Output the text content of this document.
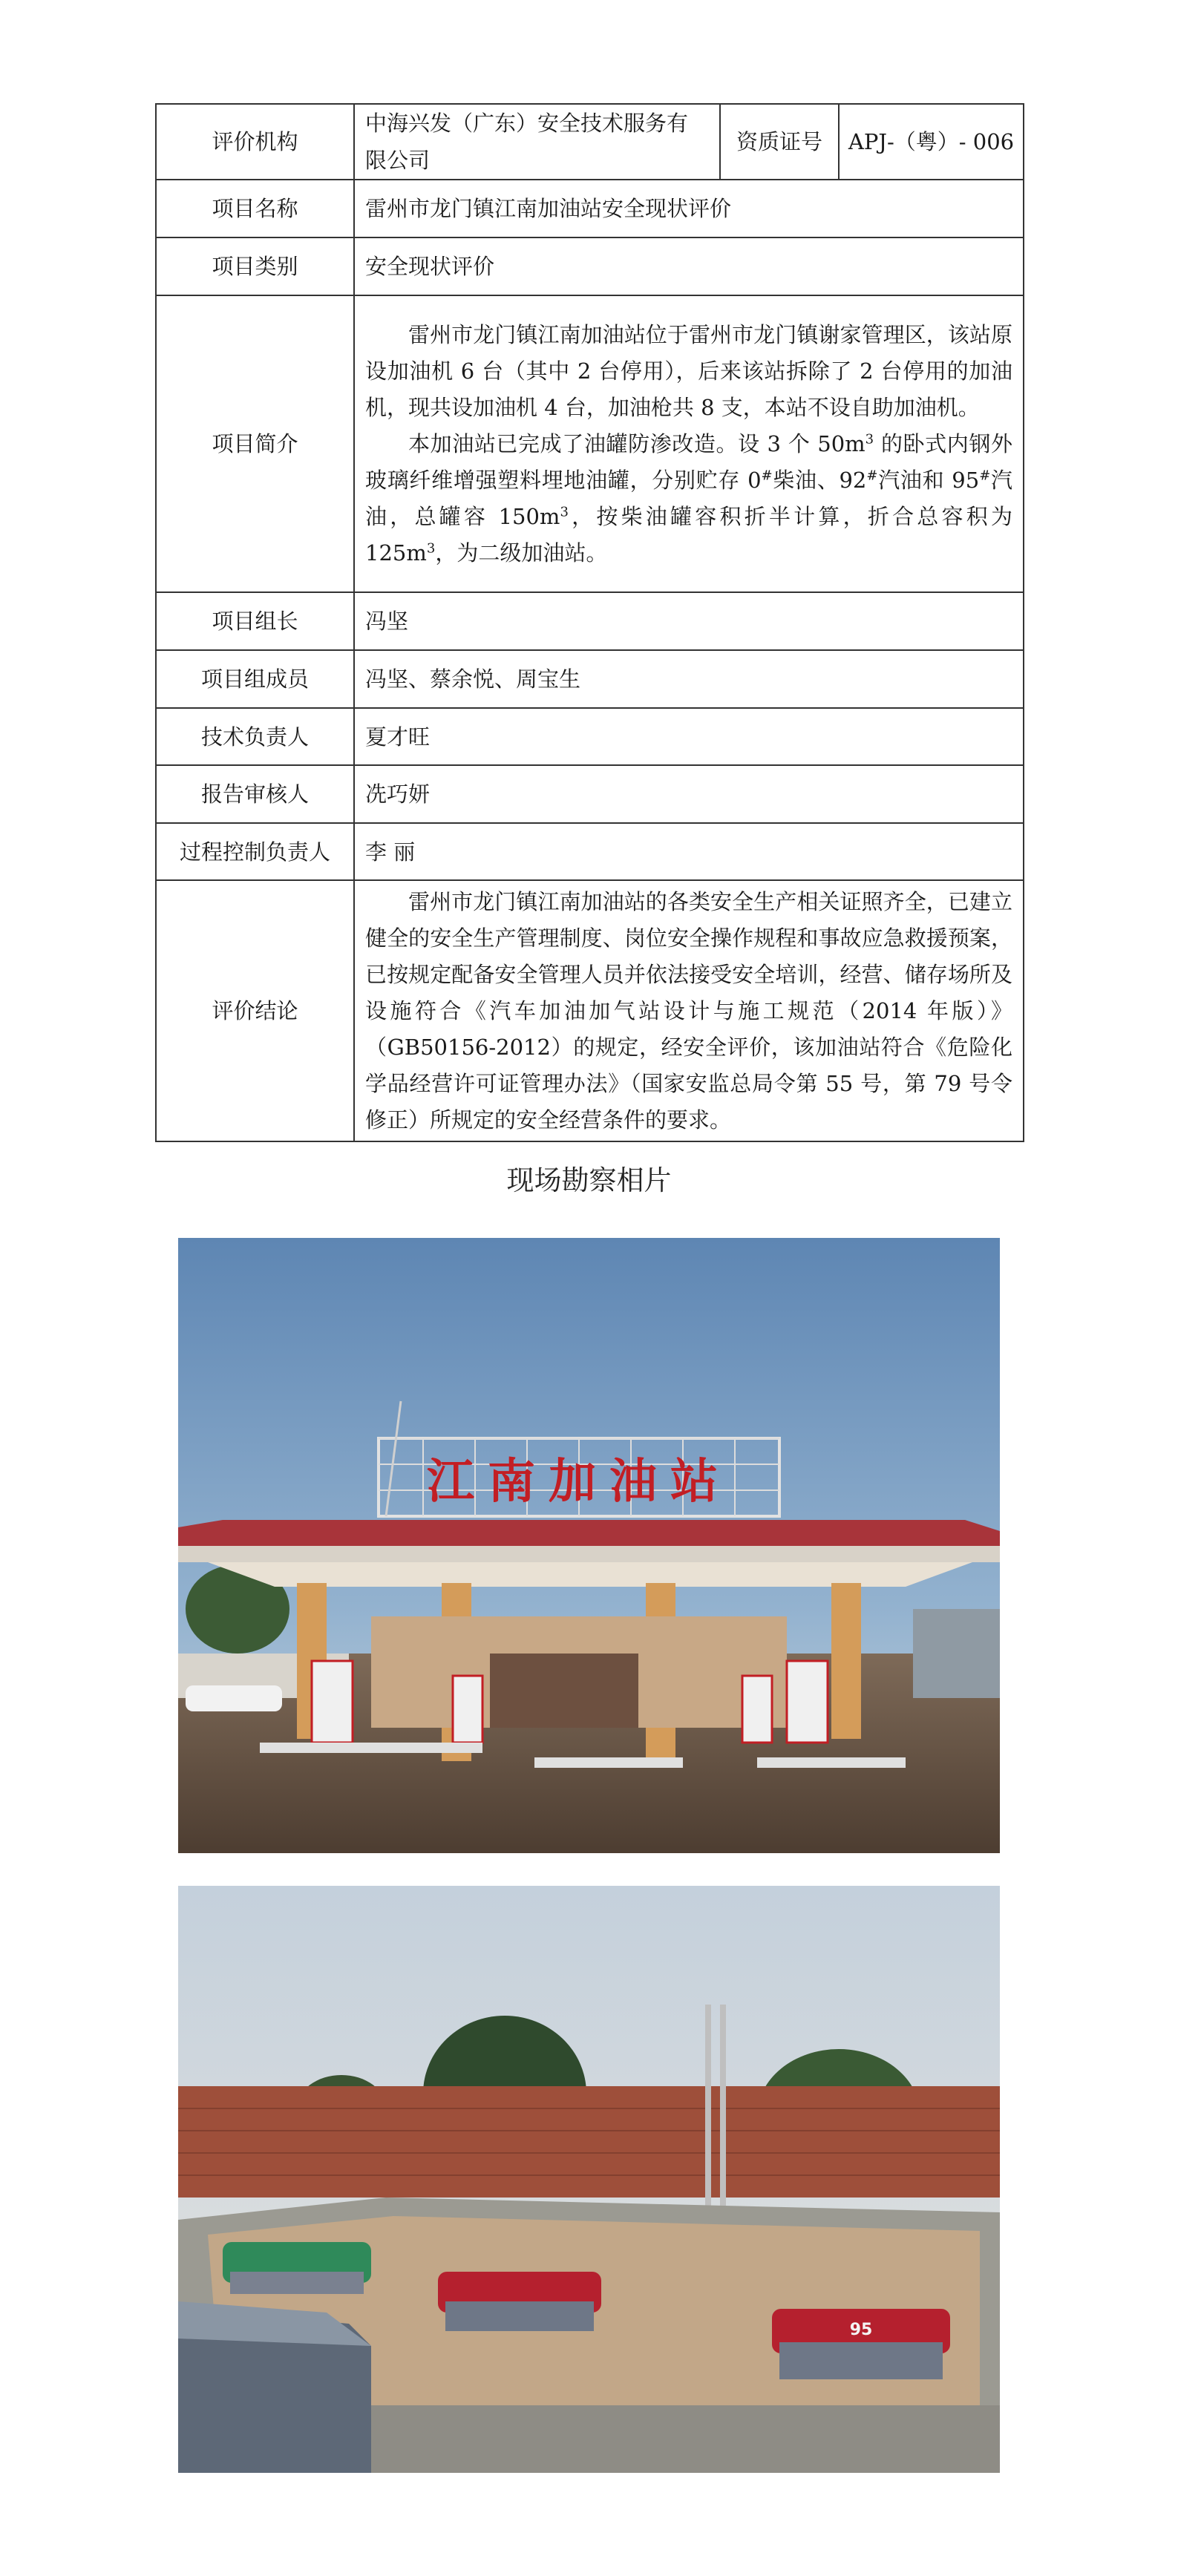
评价机构	中海兴发（广东）安全技术服务有限公司	资质证号	APJ-（粤）- 006
项目名称	雷州市龙门镇江南加油站安全现状评价		
项目类别	安全现状评价		
项目简介	雷州市龙门镇江南加油站位于雷州市龙门镇谢家管理区，该站原设加油机 6 台（其中 2 台停用），后来该站拆除了 2 台停用的加油机，现共设加油机 4 台，加油枪共 8 支，本站不设自助加油机。

本加油站已完成了油罐防渗改造。设 3 个 $50m^3$ 的卧式内钢外玻璃纤维增强塑料埋地油罐，分别贮存 0#柴油、92#汽油和 95#汽油，总罐容 $150m^3$，按柴油罐容积折半计算，折合总容积为 $125m^3$，为二级加油站。		

项目组长	冯坚		
项目组成员	冯坚、蔡余悦、周宝生		
技术负责人	夏才旺		
报告审核人	冼巧妍		
过程控制负责人	李 丽		
评价结论	雷州市龙门镇江南加油站的各类安全生产相关证照齐全，已建立健全的安全生产管理制度、岗位安全操作规程和事故应急救援预案，已按规定配备安全管理人员并依法接受安全培训，经营、储存场所及设施符合《汽车加油加气站设计与施工规范（2014 年版）》（GB50156-2012）的规定，经安全评价，该加油站符合《危险化学品经营许可证管理办法》（国家安监总局令第 55 号，第 79 号令修正）所规定的安全经营条件的要求。		

现场勘察相片
江南加油站
95
